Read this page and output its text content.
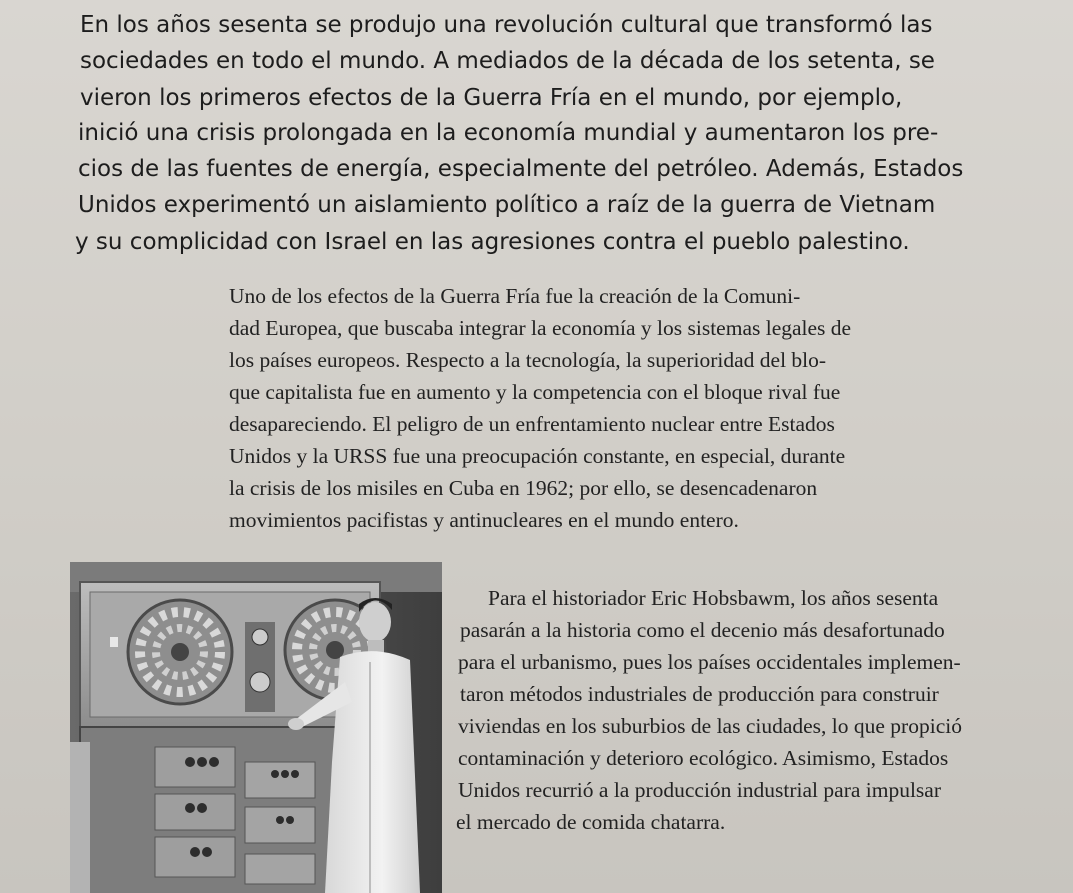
En los años sesenta se produjo una revolución cultural que transformó las
sociedades en todo el mundo. A mediados de la década de los setenta, se
vieron los primeros efectos de la Guerra Fría en el mundo, por ejemplo,
inició una crisis prolongada en la economía mundial y aumentaron los pre-
cios de las fuentes de energía, especialmente del petróleo. Además, Estados
Unidos experimentó un aislamiento político a raíz de la guerra de Vietnam
y su complicidad con Israel en las agresiones contra el pueblo palestino.
Uno de los efectos de la Guerra Fría fue la creación de la Comuni-
dad Europea, que buscaba integrar la economía y los sistemas legales de
los países europeos. Respecto a la tecnología, la superioridad del blo-
que capitalista fue en aumento y la competencia con el bloque rival fue
desapareciendo. El peligro de un enfrentamiento nuclear entre Estados
Unidos y la URSS fue una preocupación constante, en especial, durante
la crisis de los misiles en Cuba en 1962; por ello, se desencadenaron
movimientos pacifistas y antinucleares en el mundo entero.
Para el historiador Eric Hobsbawm, los años sesenta
pasarán a la historia como el decenio más desafortunado
para el urbanismo, pues los países occidentales implemen-
taron métodos industriales de producción para construir
viviendas en los suburbios de las ciudades, lo que propició
contaminación y deterioro ecológico. Asimismo, Estados
Unidos recurrió a la producción industrial para impulsar
el mercado de comida chatarra.
